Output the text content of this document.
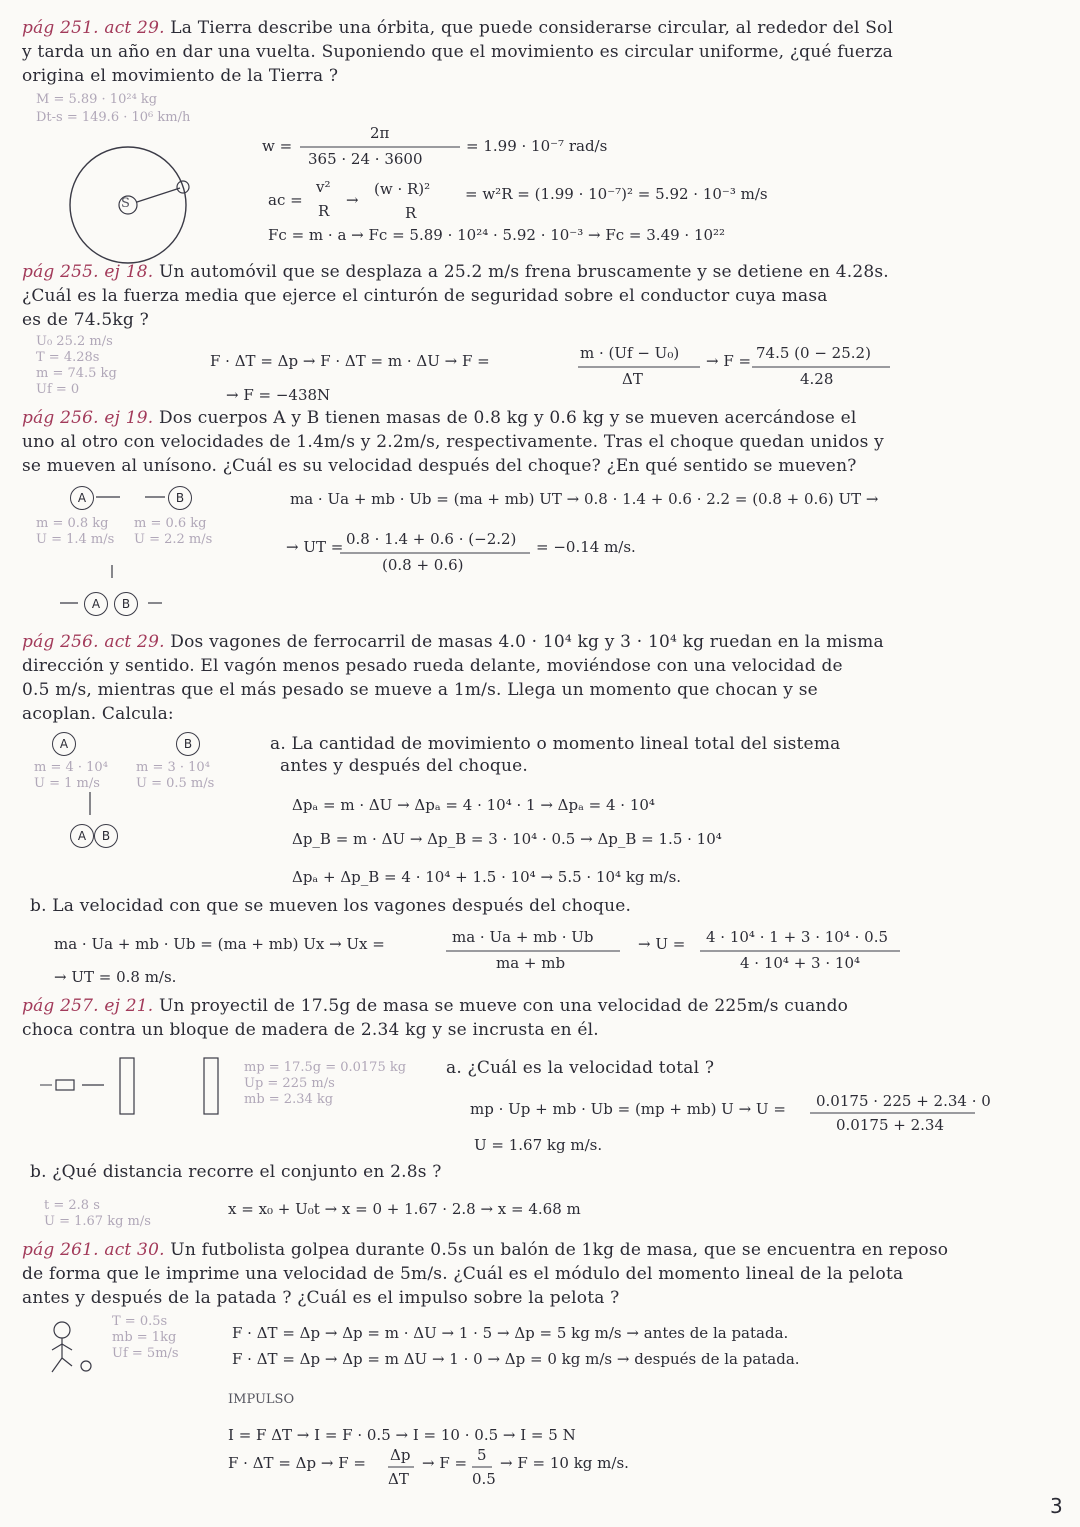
pág 251. act 29. La Tierra describe una órbita, que puede considerarse circular, al rededor del Sol
y tarda un año en dar una vuelta. Suponiendo que el movimiento es circular uniforme, ¿qué fuerza
origina el movimiento de la Tierra ?
M = 5.89 · 10²⁴ kg
Dt-s = 149.6 · 10⁶ km/h
S
w =
2π
365 · 24 · 3600
= 1.99 · 10⁻⁷ rad/s
ac =
v²
R
→
(w · R)²
R
= w²R = (1.99 · 10⁻⁷)² = 5.92 · 10⁻³ m/s
Fc = m · a → Fc = 5.89 · 10²⁴ · 5.92 · 10⁻³ → Fc = 3.49 · 10²²
pág 255. ej 18. Un automóvil que se desplaza a 25.2 m/s frena bruscamente y se detiene en 4.28s.
¿Cuál es la fuerza media que ejerce el cinturón de seguridad sobre el conductor cuya masa
es de 74.5kg ?
U₀ 25.2 m/s
T = 4.28s
m = 74.5 kg
Uf = 0
F · ΔT = Δp → F · ΔT = m · ΔU → F =	m · (Uf − U₀)
ΔT
→ F = 74.5 (0 − 25.2)
4.28
→ F = −438N
pág 256. ej 19. Dos cuerpos A y B tienen masas de 0.8 kg y 0.6 kg y se mueven acercándose el
uno al otro con velocidades de 1.4m/s y 2.2m/s, respectivamente. Tras el choque quedan unidos y
se mueven al unísono. ¿Cuál es su velocidad después del choque? ¿En qué sentido se mueven?
A	B
m = 0.8 kg m = 0.6 kg
U = 1.4 m/s U = 2.2 m/s
A	B
ma · Ua + mb · Ub = (ma + mb) UT → 0.8 · 1.4 + 0.6 · 2.2 = (0.8 + 0.6) UT →
→ UT = 0.8 · 1.4 + 0.6 · (−2.2)
(0.8 + 0.6)
= −0.14 m/s.
pág 256. act 29. Dos vagones de ferrocarril de masas 4.0 · 10⁴ kg y 3 · 10⁴ kg ruedan en la misma
dirección y sentido. El vagón menos pesado rueda delante, moviéndose con una velocidad de
0.5 m/s, mientras que el más pesado se mueve a 1m/s. Llega un momento que chocan y se
acoplan. Calcula:
A	B
m = 4 · 10⁴ m = 3 · 10⁴
U = 1 m/s	U = 0.5 m/s
A	B
a. La cantidad de movimiento o momento lineal total del sistema
antes y después del choque.
Δpₐ = m · ΔU → Δpₐ = 4 · 10⁴ · 1 → Δpₐ = 4 · 10⁴
Δp_B = m · ΔU → Δp_B = 3 · 10⁴ · 0.5 → Δp_B = 1.5 · 10⁴
Δpₐ + Δp_B = 4 · 10⁴ + 1.5 · 10⁴ → 5.5 · 10⁴ kg m/s.
b. La velocidad con que se mueven los vagones después del choque.
ma · Ua + mb · Ub = (ma + mb) Ux → Ux =	ma · Ua + mb · Ub
ma + mb
→ U = 4 · 10⁴ · 1 + 3 · 10⁴ · 0.5
4 · 10⁴ + 3 · 10⁴
→ UT = 0.8 m/s.
pág 257. ej 21. Un proyectil de 17.5g de masa se mueve con una velocidad de 225m/s cuando
choca contra un bloque de madera de 2.34 kg y se incrusta en él.
mp = 17.5g = 0.0175 kg
Up = 225 m/s
mb = 2.34 kg
a. ¿Cuál es la velocidad total ?
mp · Up + mb · Ub = (mp + mb) U → U = 0.0175 · 225 + 2.34 · 0
0.0175 + 2.34
U = 1.67 kg m/s.
b. ¿Qué distancia recorre el conjunto en 2.8s ?
t = 2.8 s
U = 1.67 kg m/s
x = x₀ + U₀t → x = 0 + 1.67 · 2.8 → x = 4.68 m
pág 261. act 30. Un futbolista golpea durante 0.5s un balón de 1kg de masa, que se encuentra en reposo
de forma que le imprime una velocidad de 5m/s. ¿Cuál es el módulo del momento lineal de la pelota
antes y después de la patada ? ¿Cuál es el impulso sobre la pelota ?
T = 0.5s
mb = 1kg
Uf = 5m/s
F · ΔT = Δp → Δp = m · ΔU → 1 · 5 → Δp = 5 kg m/s → antes de la patada.
F · ΔT = Δp → Δp = m ΔU → 1 · 0 → Δp = 0 kg m/s → después de la patada.
IMPULSO
I = F ΔT → I = F · 0.5 → I = 10 · 0.5 → I = 5 N
F · ΔT = Δp → F = Δp
ΔT
→ F = 5
0.5
→ F = 10 kg m/s.
3
